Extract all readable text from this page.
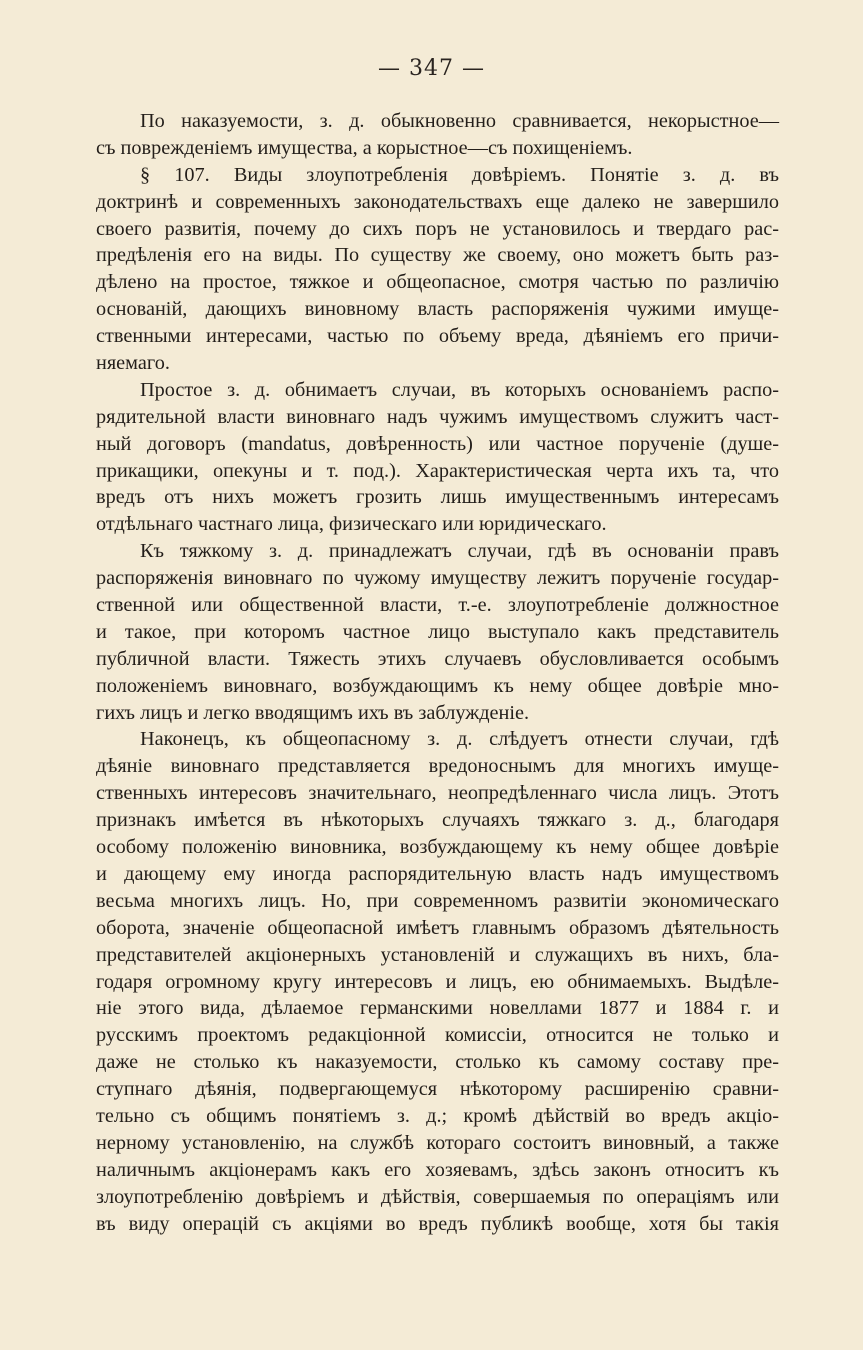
— 347 —
По наказуемости, з. д. обыкновенно сравнивается, некорыстное—
съ поврежденіемъ имущества, а корыстное—съ похищеніемъ.
§ 107. Виды злоупотребленія довѣріемъ. Понятіе з. д. въ
доктринѣ и современныхъ законодательствахъ еще далеко не завершило
своего развитія, почему до сихъ поръ не установилось и твердаго рас-
предѣленія его на виды. По существу же своему, оно можетъ быть раз-
дѣлено на простое, тяжкое и общеопасное, смотря частью по различію
основаній, дающихъ виновному власть распоряженія чужими имуще-
ственными интересами, частью по объему вреда, дѣяніемъ его причи-
няемаго.
Простое з. д. обнимаетъ случаи, въ которыхъ основаніемъ распо-
рядительной власти виновнаго надъ чужимъ имуществомъ служитъ част-
ный договоръ (mandatus, довѣренность) или частное порученіе (душе-
прикащики, опекуны и т. под.). Характеристическая черта ихъ та, что
вредъ отъ нихъ можетъ грозить лишь имущественнымъ интересамъ
отдѣльнаго частнаго лица, физическаго или юридическаго.
Къ тяжкому з. д. принадлежатъ случаи, гдѣ въ основаніи правъ
распоряженія виновнаго по чужому имуществу лежитъ порученіе государ-
ственной или общественной власти, т.-е. злоупотребленіе должностное
и такое, при которомъ частное лицо выступало какъ представитель
публичной власти. Тяжесть этихъ случаевъ обусловливается особымъ
положеніемъ виновнаго, возбуждающимъ къ нему общее довѣріе мно-
гихъ лицъ и легко вводящимъ ихъ въ заблужденіе.
Наконецъ, къ общеопасному з. д. слѣдуетъ отнести случаи, гдѣ
дѣяніе виновнаго представляется вредоноснымъ для многихъ имуще-
ственныхъ интересовъ значительнаго, неопредѣленнаго числа лицъ. Этотъ
признакъ имѣется въ нѣкоторыхъ случаяхъ тяжкаго з. д., благодаря
особому положенію виновника, возбуждающему къ нему общее довѣріе
и дающему ему иногда распорядительную власть надъ имуществомъ
весьма многихъ лицъ. Но, при современномъ развитіи экономическаго
оборота, значеніе общеопасной имѣетъ главнымъ образомъ дѣятельность
представителей акціонерныхъ установленій и служащихъ въ нихъ, бла-
годаря огромному кругу интересовъ и лицъ, ею обнимаемыхъ. Выдѣле-
ніе этого вида, дѣлаемое германскими новеллами 1877 и 1884 г. и
русскимъ проектомъ редакціонной комиссіи, относится не только и
даже не столько къ наказуемости, столько къ самому составу пре-
ступнаго дѣянія, подвергающемуся нѣкоторому расширенію сравни-
тельно съ общимъ понятіемъ з. д.; кромѣ дѣйствій во вредъ акціо-
нерному установленію, на службѣ котораго состоитъ виновный, а также
наличнымъ акціонерамъ какъ его хозяевамъ, здѣсь законъ относитъ къ
злоупотребленію довѣріемъ и дѣйствія, совершаемыя по операціямъ или
въ виду операцій съ акціями во вредъ публикѣ вообще, хотя бы такія
